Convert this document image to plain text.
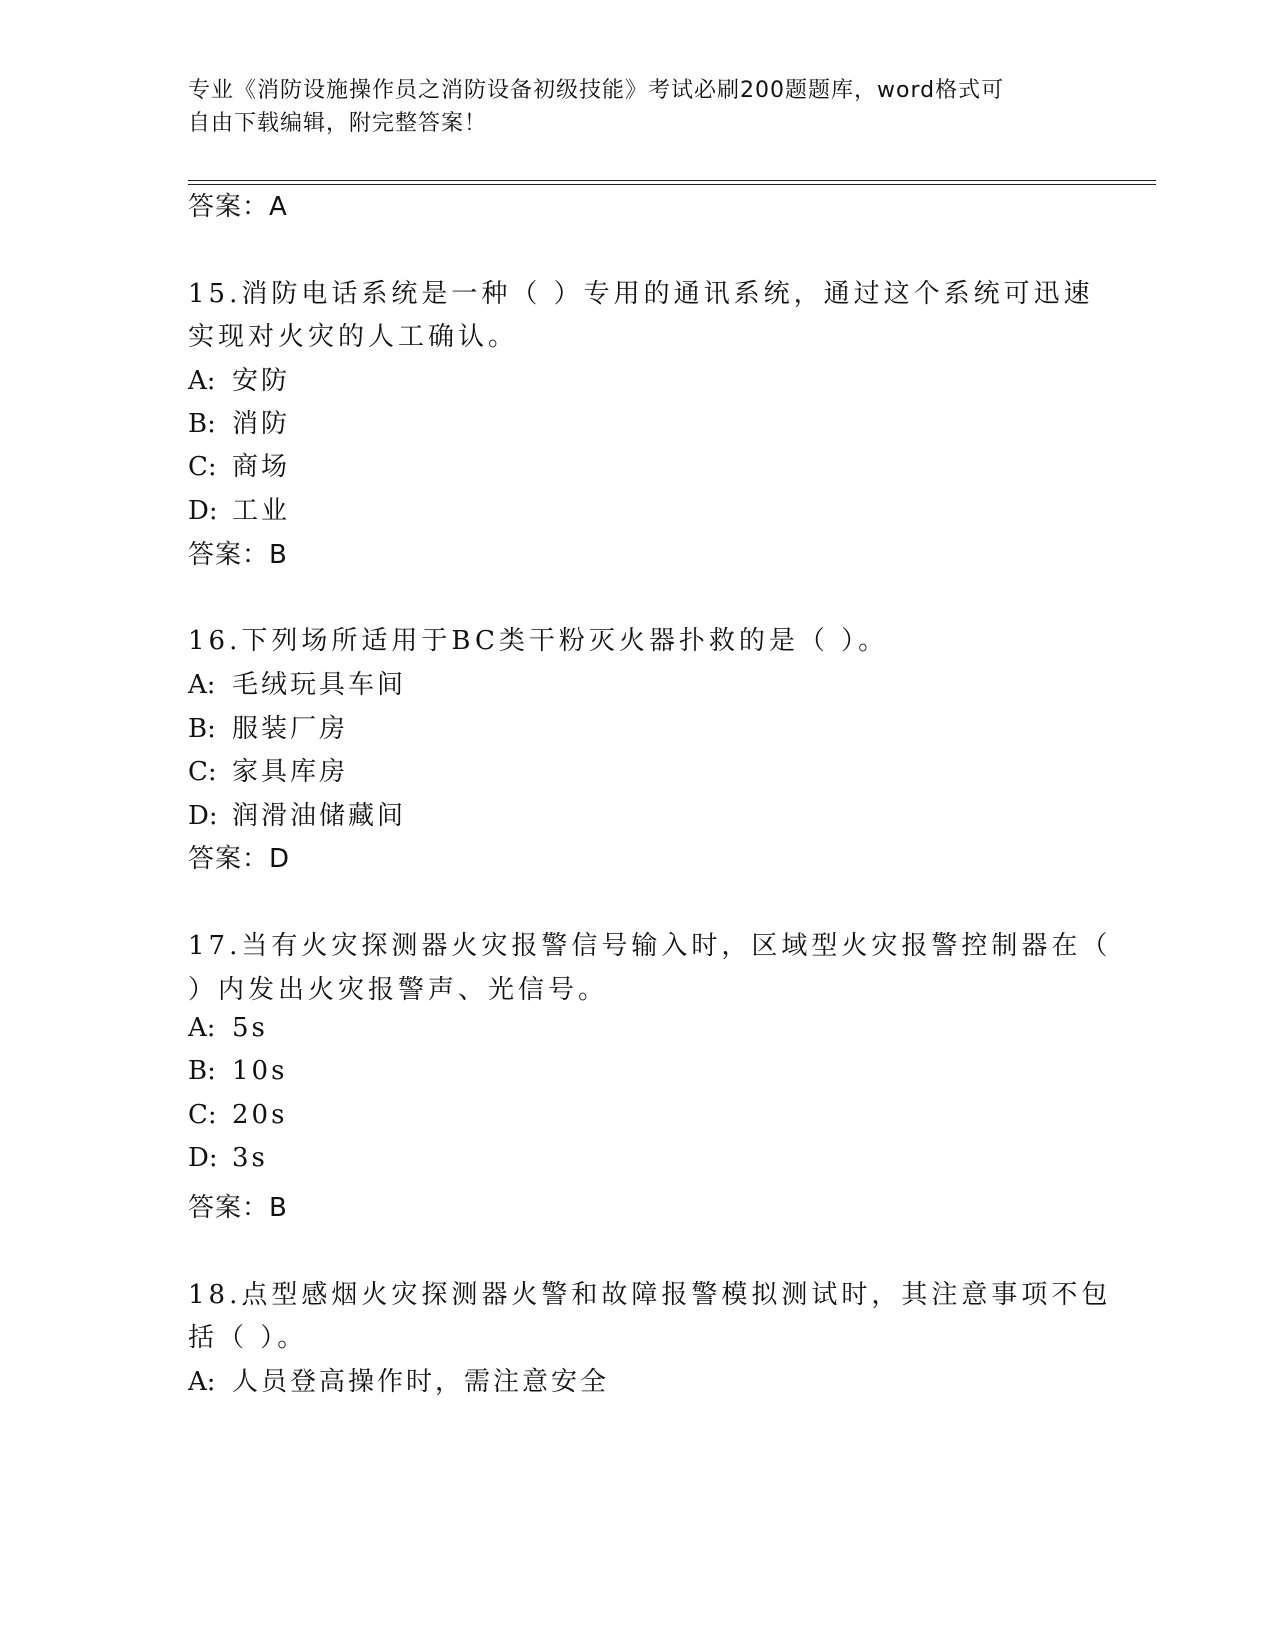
专业《消防设施操作员之消防设备初级技能》考试必刷200题题库，word格式可
自由下载编辑，附完整答案！
答案：A
15.消防电话系统是一种（ ）专用的通讯系统，通过这个系统可迅速
实现对火灾的人工确认。
A: 安防
B: 消防
C: 商场
D: 工业
答案：B
16.下列场所适用于BC类干粉灭火器扑救的是（ ）。
A: 毛绒玩具车间
B: 服装厂房
C: 家具库房
D: 润滑油储藏间
答案：D
17.当有火灾探测器火灾报警信号输入时，区域型火灾报警控制器在（
）内发出火灾报警声、光信号。
A: 5s
B: 10s
C: 20s
D: 3s
答案：B
18.点型感烟火灾探测器火警和故障报警模拟测试时，其注意事项不包
括（ ）。
A: 人员登高操作时，需注意安全
